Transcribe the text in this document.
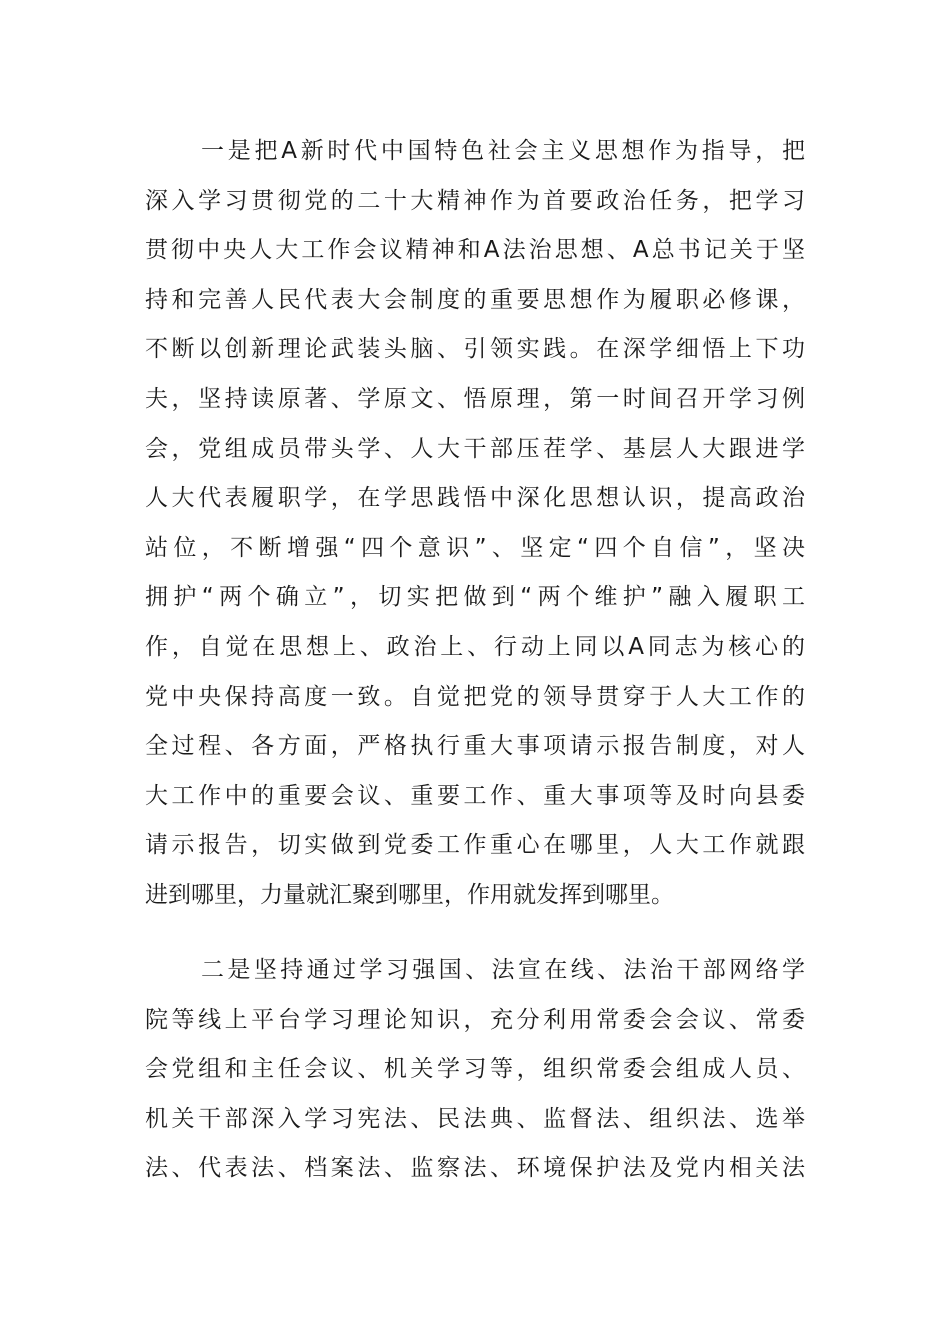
一是把A新时代中国特色社会主义思想作为指导，把
深入学习贯彻党的二十大精神作为首要政治任务，把学习
贯彻中央人大工作会议精神和A法治思想、A总书记关于坚
持和完善人民代表大会制度的重要思想作为履职必修课，
不断以创新理论武装头脑、引领实践。在深学细悟上下功
夫，坚持读原著、学原文、悟原理，第一时间召开学习例
会，党组成员带头学、人大干部压茬学、基层人大跟进学
人大代表履职学，在学思践悟中深化思想认识，提高政治
站位，不断增强“四个意识”、坚定“四个自信”，坚决
拥护“两个确立”，切实把做到“两个维护”融入履职工
作，自觉在思想上、政治上、行动上同以A同志为核心的
党中央保持高度一致。自觉把党的领导贯穿于人大工作的
全过程、各方面，严格执行重大事项请示报告制度，对人
大工作中的重要会议、重要工作、重大事项等及时向县委
请示报告，切实做到党委工作重心在哪里，人大工作就跟
进到哪里，力量就汇聚到哪里，作用就发挥到哪里。
二是坚持通过学习强国、法宣在线、法治干部网络学
院等线上平台学习理论知识，充分利用常委会会议、常委
会党组和主任会议、机关学习等，组织常委会组成人员、
机关干部深入学习宪法、民法典、监督法、组织法、选举
法、代表法、档案法、监察法、环境保护法及党内相关法
